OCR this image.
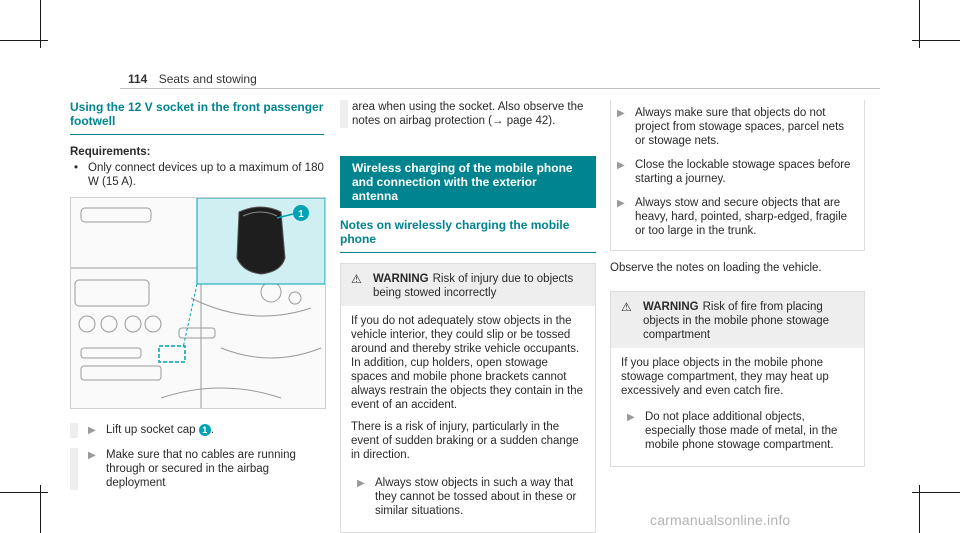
114 Seats and stowing
Using the 12 V socket in the front passenger footwell
Requirements:
• Only connect devices up to a maximum of 180 W (15 A).
1
▶ Lift up socket cap 1 .
▶ Make sure that no cables are running through or secured in the airbag deployment
area when using the socket. Also observe the notes on airbag protection (→ page 42).
Wireless charging of the mobile phone and connection with the exterior antenna
Notes on wirelessly charging the mobile phone
⚠ WARNING Risk of injury due to objects being stowed incorrectly

If you do not adequately stow objects in the vehicle interior, they could slip or be tossed around and thereby strike vehicle occupants. In addition, cup holders, open stowage spaces and mobile phone brackets cannot always restrain the objects they contain in the event of an accident.

There is a risk of injury, particularly in the event of sudden braking or a sudden change in direction.

▶ Always stow objects in such a way that they cannot be tossed about in these or similar situations.
▶ Always make sure that objects do not project from stowage spaces, parcel nets or stowage nets.
▶ Close the lockable stowage spaces before starting a journey.
▶ Always stow and secure objects that are heavy, hard, pointed, sharp-edged, fragile or too large in the trunk.

Observe the notes on loading the vehicle.

⚠ WARNING Risk of fire from placing objects in the mobile phone stowage compartment

If you place objects in the mobile phone stowage compartment, they may heat up excessively and even catch fire.

▶ Do not place additional objects, especially those made of metal, in the mobile phone stowage compartment.
carmanualsonline.info
